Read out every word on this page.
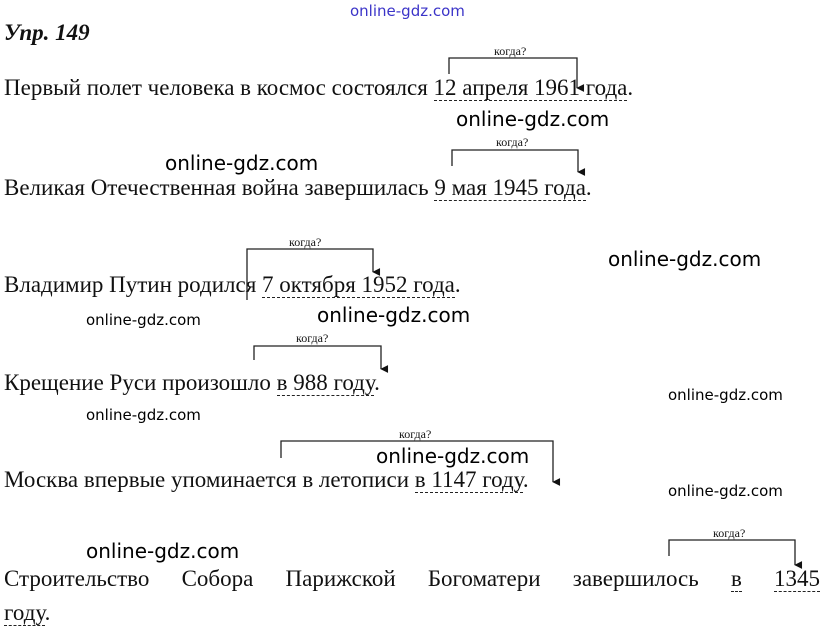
online-gdz.com
Упр. 149
Первый полет человека в космос состоялся 12 апреля 1961 года.
Великая Отечественная война завершилась 9 мая 1945 года.
Владимир Путин родился 7 октября 1952 года.
Крещение Руси произошло в 988 году.
Москва впервые упоминается в летописи в 1147 году.
Строительство Собора Парижской Богоматери завершилось в 1345
году.
когда?
когда?
когда?
когда?
когда?
когда?
online-gdz.com
online-gdz.com
online-gdz.com
online-gdz.com	online-gdz.com
online-gdz.com
online-gdz.com
online-gdz.com
online-gdz.com
online-gdz.com
